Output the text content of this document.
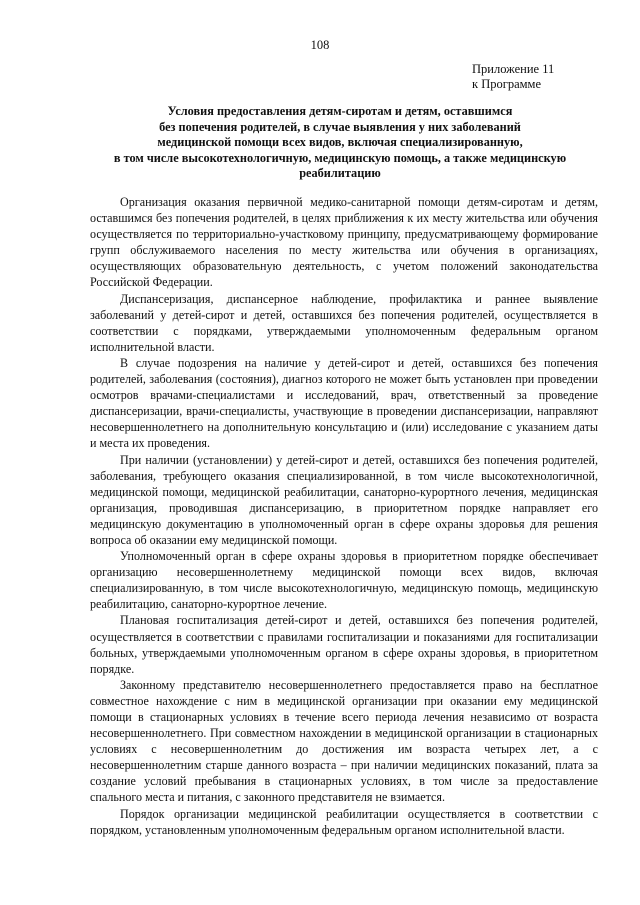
108
Приложение 11
к Программе
Условия предоставления детям-сиротам и детям, оставшимся
без попечения родителей, в случае выявления у них заболеваний
медицинской помощи всех видов, включая специализированную,
в том числе высокотехнологичную, медицинскую помощь, а также медицинскую
реабилитацию

Организация оказания первичной медико-санитарной помощи детям-сиротам и детям, оставшимся без попечения родителей, в целях приближения к их месту жительства или обучения осуществляется по территориально-участковому принципу, предусматривающему формирование групп обслуживаемого населения по месту жительства или обучения в организациях, осуществляющих образовательную деятельность, с учетом положений законодательства Российской Федерации.

Диспансеризация, диспансерное наблюдение, профилактика и раннее выявление заболеваний у детей-сирот и детей, оставшихся без попечения родителей, осуществляется в соответствии с порядками, утверждаемыми уполномоченным федеральным органом исполнительной власти.

В случае подозрения на наличие у детей-сирот и детей, оставшихся без попечения родителей, заболевания (состояния), диагноз которого не может быть установлен при проведении осмотров врачами-специалистами и исследований, врач, ответственный за проведение диспансеризации, врачи-специалисты, участвующие в проведении диспансеризации, направляют несовершеннолетнего на дополнительную консультацию и (или) исследование с указанием даты и места их проведения.

При наличии (установлении) у детей-сирот и детей, оставшихся без попечения родителей, заболевания, требующего оказания специализированной, в том числе высокотехнологичной, медицинской помощи, медицинской реабилитации, санаторно-курортного лечения, медицинская организация, проводившая диспансеризацию, в приоритетном порядке направляет его медицинскую документацию в уполномоченный орган в сфере охраны здоровья для решения вопроса об оказании ему медицинской помощи.

Уполномоченный орган в сфере охраны здоровья в приоритетном порядке обеспечивает организацию несовершеннолетнему медицинской помощи всех видов, включая специализированную, в том числе высокотехнологичную, медицинскую помощь, медицинскую реабилитацию, санаторно-курортное лечение.

Плановая госпитализация детей-сирот и детей, оставшихся без попечения родителей, осуществляется в соответствии с правилами госпитализации и показаниями для госпитализации больных, утверждаемыми уполномоченным органом в сфере охраны здоровья, в приоритетном порядке.

Законному представителю несовершеннолетнего предоставляется право на бесплатное совместное нахождение с ним в медицинской организации при оказании ему медицинской помощи в стационарных условиях в течение всего периода лечения независимо от возраста несовершеннолетнего. При совместном нахождении в медицинской организации в стационарных условиях с несовершеннолетним до достижения им возраста четырех лет, а с несовершеннолетним старше данного возраста – при наличии медицинских показаний, плата за создание условий пребывания в стационарных условиях, в том числе за предоставление спального места и питания, с законного представителя не взимается.

Порядок организации медицинской реабилитации осуществляется в соответствии с порядком, установленным уполномоченным федеральным органом исполнительной власти.
